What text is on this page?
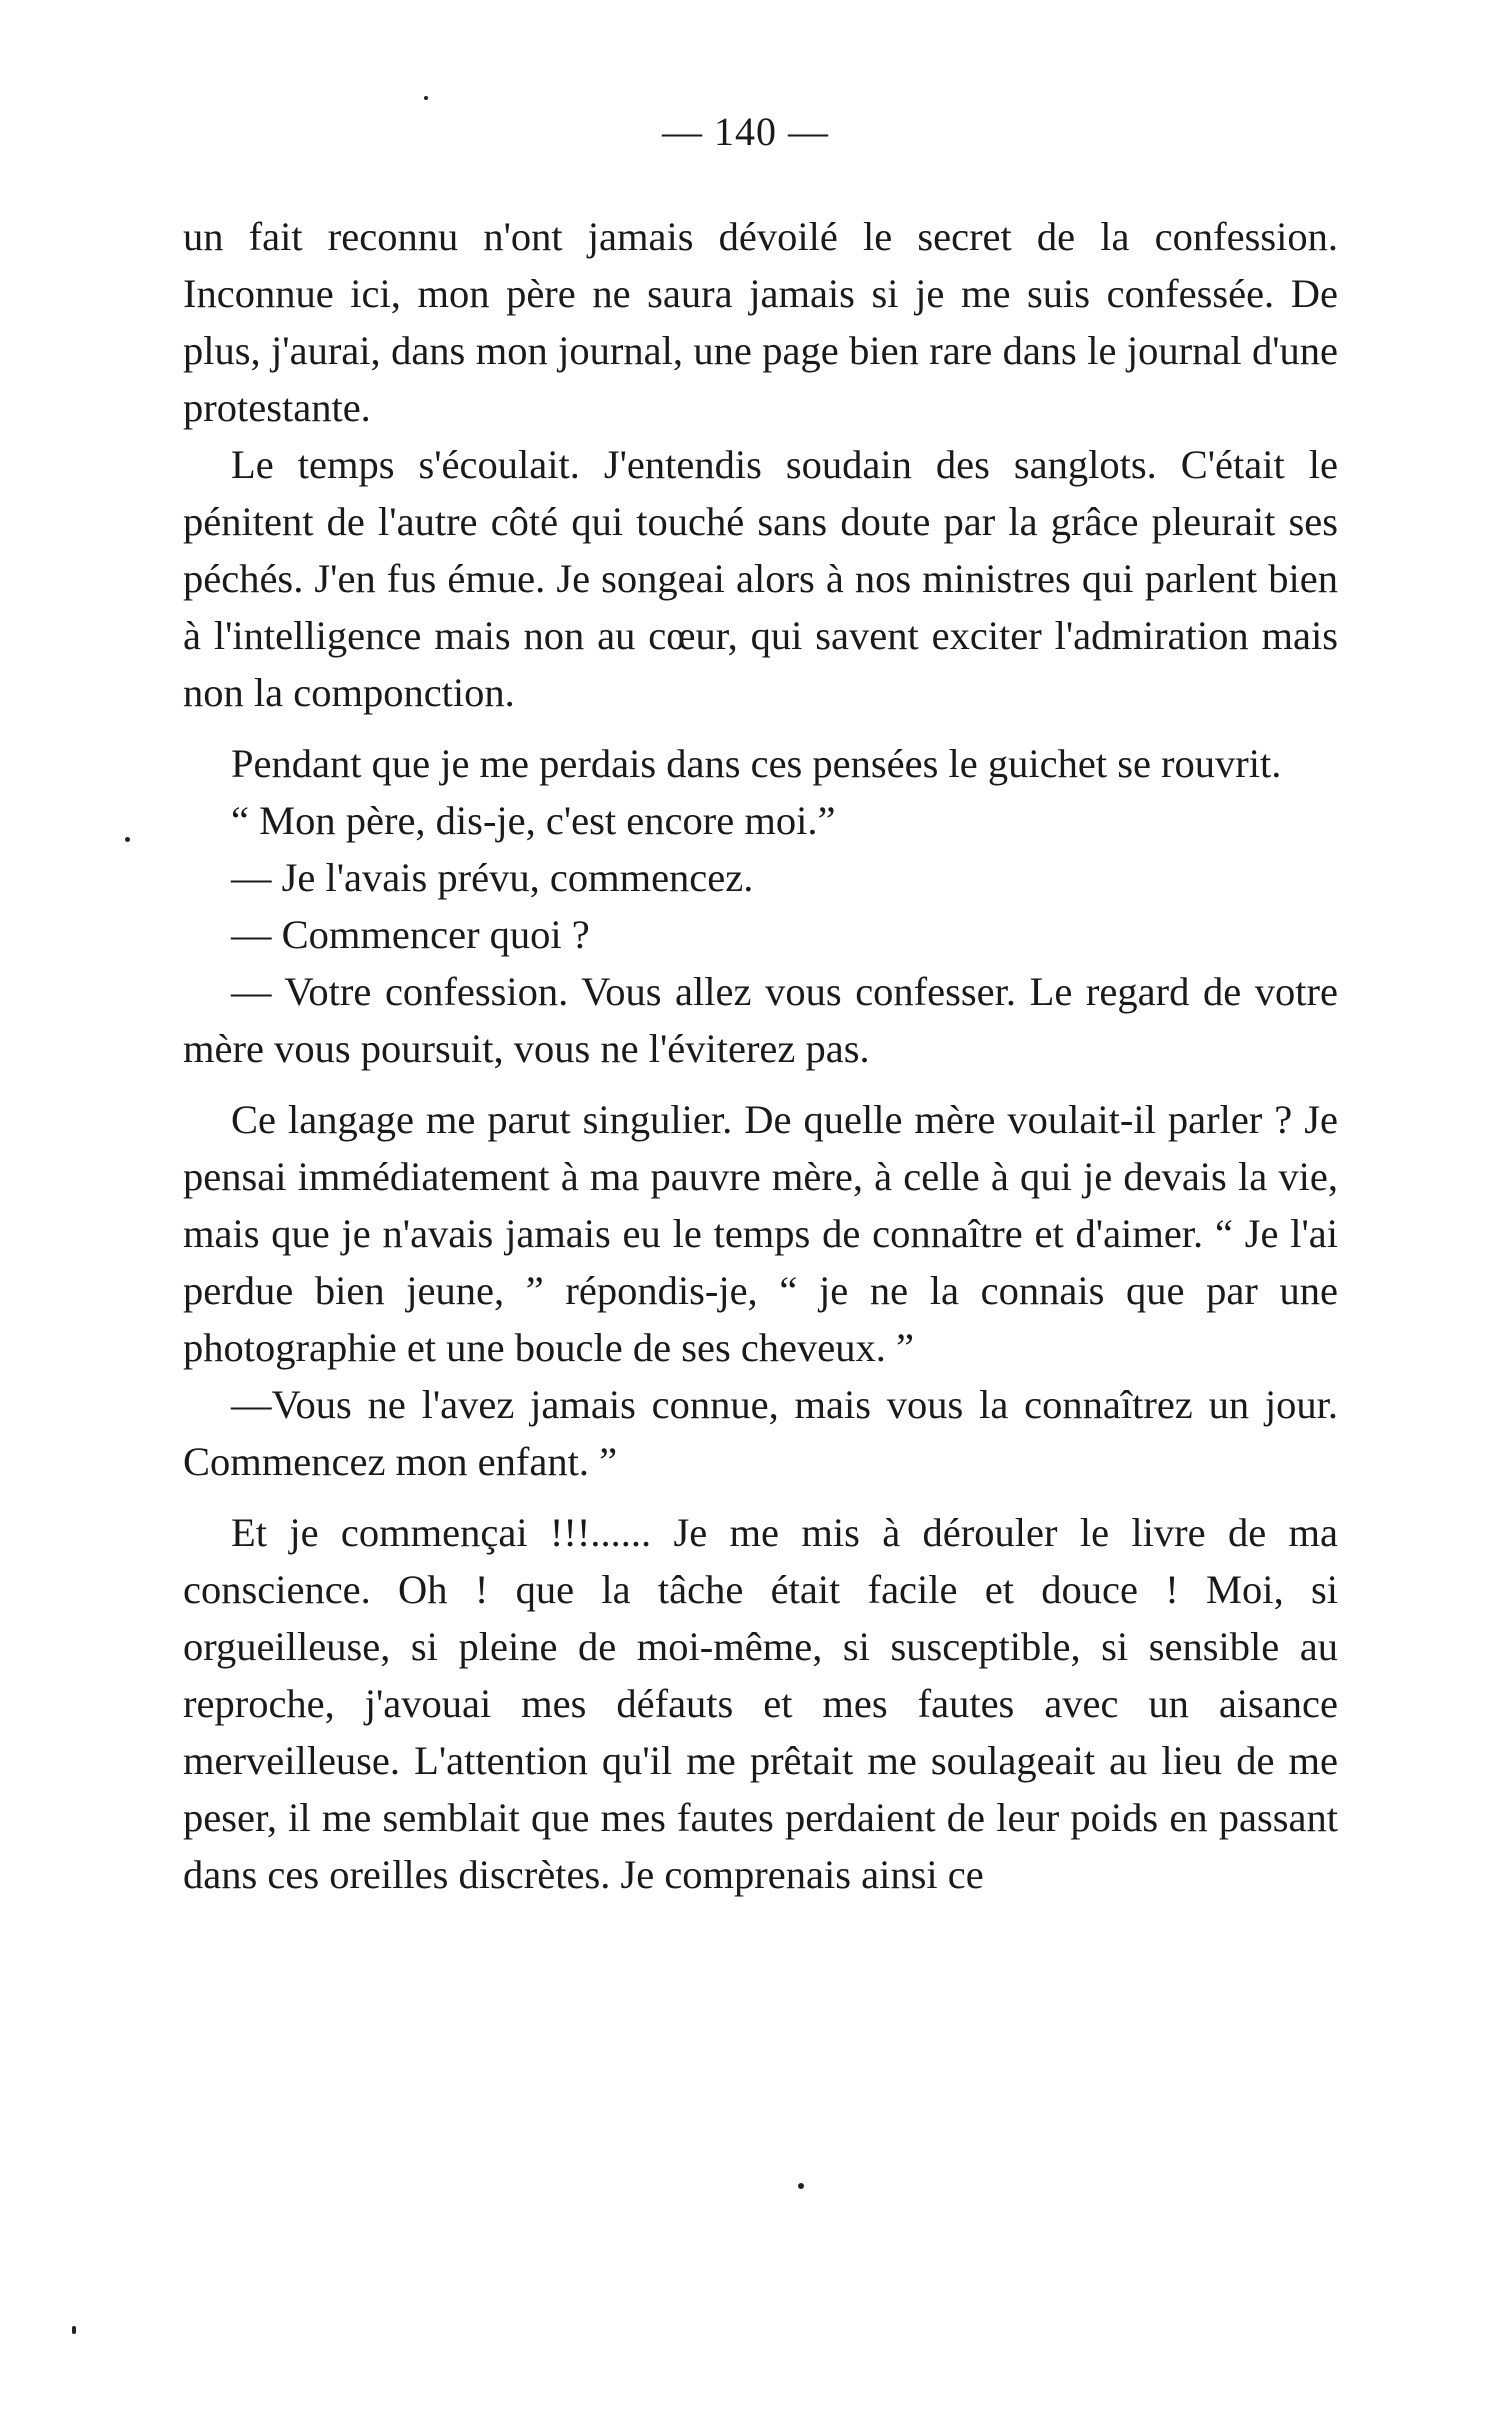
— 140 —

un fait reconnu n'ont jamais dévoilé le secret de la confession. Inconnue ici, mon père ne saura jamais si je me suis confessée. De plus, j'aurai, dans mon journal, une page bien rare dans le journal d'une protestante.

Le temps s'écoulait. J'entendis soudain des sanglots. C'était le pénitent de l'autre côté qui touché sans doute par la grâce pleurait ses péchés. J'en fus émue. Je songeai alors à nos ministres qui parlent bien à l'intelligence mais non au cœur, qui savent exciter l'admiration mais non la componction.

Pendant que je me perdais dans ces pensées le guichet se rouvrit.

“ Mon père, dis-je, c'est encore moi.”

— Je l'avais prévu, commencez.

— Commencer quoi ?

— Votre confession. Vous allez vous confesser. Le regard de votre mère vous poursuit, vous ne l'éviterez pas.

Ce langage me parut singulier. De quelle mère voulait-il parler ? Je pensai immédiatement à ma pauvre mère, à celle à qui je devais la vie, mais que je n'avais jamais eu le temps de connaître et d'aimer. “ Je l'ai perdue bien jeune, ” répondis-je, “ je ne la connais que par une photographie et une boucle de ses cheveux. ”

—Vous ne l'avez jamais connue, mais vous la connaîtrez un jour. Commencez mon enfant. ”

Et je commençai !!!...... Je me mis à dérouler le livre de ma conscience. Oh ! que la tâche était facile et douce ! Moi, si orgueilleuse, si pleine de moi-même, si susceptible, si sensible au reproche, j'avouai mes défauts et mes fautes avec un aisance merveilleuse. L'attention qu'il me prêtait me soulageait au lieu de me peser, il me semblait que mes fautes perdaient de leur poids en passant dans ces oreilles discrètes. Je comprenais ainsi ce
